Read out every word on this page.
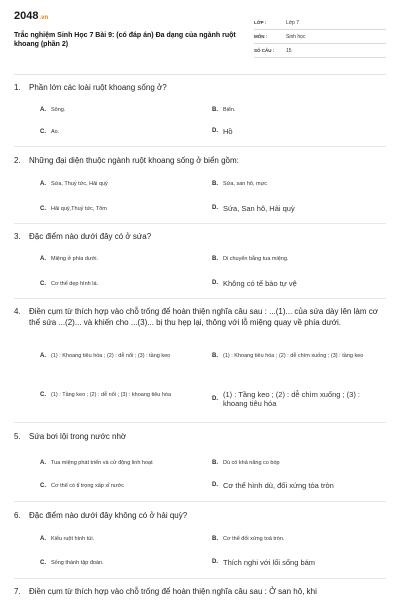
2048.vn
Trắc nghiệm Sinh Học 7 Bài 9: (có đáp án) Đa dạng của ngành ruột khoang (phần 2)
LỚP :	Lớp 7
MÔN :	Sinh học
SỐ CÂU :	15
1.	Phần lớn các loài ruột khoang sống ở?
A. Sông.	B. Biển.
C. Ao.	D. Hồ
2.	Những đại diện thuộc ngành ruột khoang sống ở biển gồm:
A. Sứa, Thuỷ tức, Hải quỳ	B. Sứa, san hô, mực
C. Hải quỳ,Thuỷ tức, Tôm	D. Sứa, San hô, Hải quỳ
3.	Đặc điểm nào dưới đây có ở sứa?
A. Miệng ở phía dưới.	B. Di chuyển bằng tua miệng.
C. Cơ thể dẹp hình lá.	D. Không có tế bào tự vệ
4.	Điền cụm từ thích hợp vào chỗ trống để hoàn thiện nghĩa câu sau : ...(1)... của sứa dày lên làm cơ thể sứa ...(2)... và khiến cho ...(3)... bị thu hẹp lại, thông với lỗ miệng quay về phía dưới.
A. (1) : Khoang tiêu hóa ; (2) : dễ nổi ; (3) : tầng keo	B. (1) : Khoang tiêu hóa ; (2) : dễ chìm xuống ; (3) : tầng keo
C. (1) : Tầng keo ; (2) : dễ nổi ; (3) : khoang tiêu hóa
D. (1) : Tầng keo ; (2) : dễ chìm xuống ; (3) : khoang tiêu hóa
5.	Sứa bơi lội trong nước nhờ
A. Tua miệng phát triển và cử động linh hoạt	B. Dù có khả năng co bóp
C. Cơ thể có tỉ trọng xấp xỉ nước	D. Cơ thể hình dù, đối xứng tỏa tròn
6.	Đặc điểm nào dưới đây không có ở hải quỳ?
A. Kiểu ruột hình túi.	B. Cơ thể đối xứng toả tròn.
C. Sống thành tập đoàn.	D. Thích nghi với lối sống bám
7.	Điền cụm từ thích hợp vào chỗ trống để hoàn thiện nghĩa câu sau : Ở san hô, khi
